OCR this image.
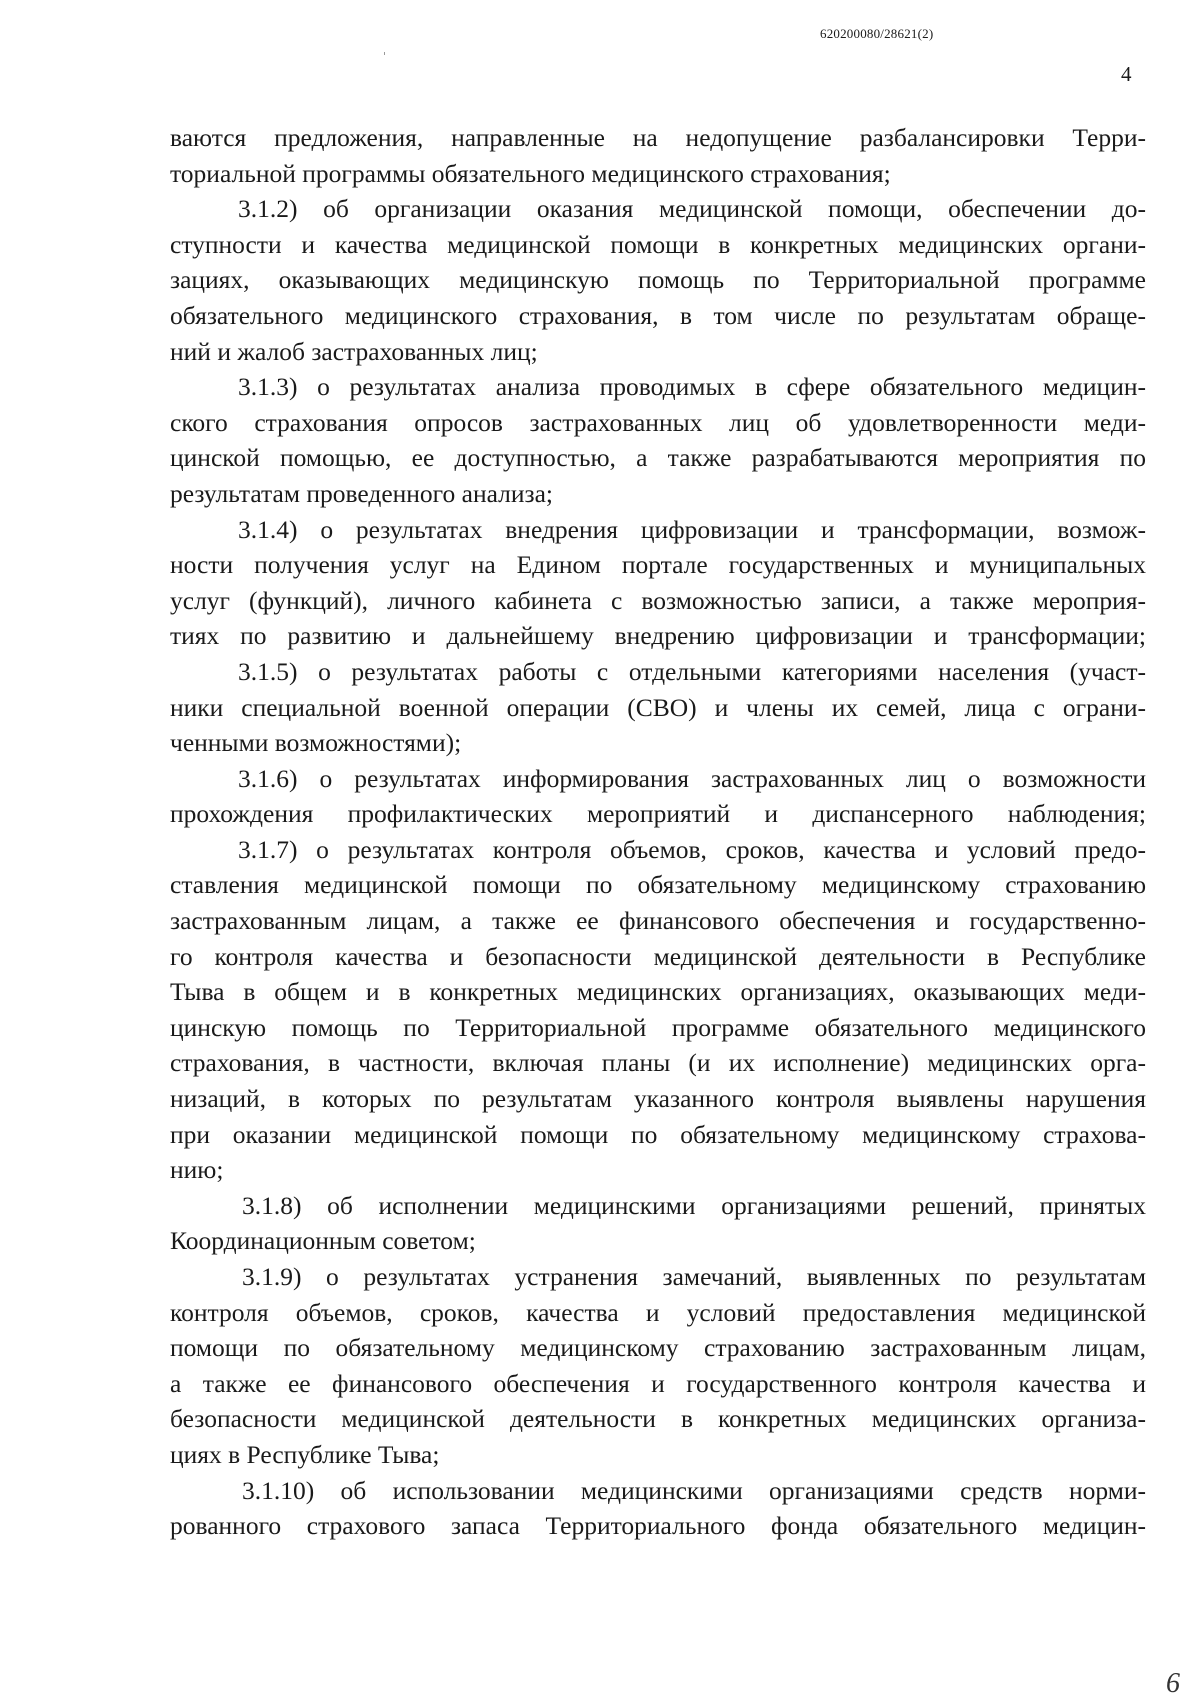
620200080/28621(2)
4
ваются предложения, направленные на недопущение разбалансировки Терри-
ториальной программы обязательного медицинского страхования;
3.1.2) об организации оказания медицинской помощи, обеспечении до-
ступности и качества медицинской помощи в конкретных медицинских органи-
зациях, оказывающих медицинскую помощь по Территориальной программе
обязательного медицинского страхования, в том числе по результатам обраще-
ний и жалоб застрахованных лиц;
3.1.3) о результатах анализа проводимых в сфере обязательного медицин-
ского страхования опросов застрахованных лиц об удовлетворенности меди-
цинской помощью, ее доступностью, а также разрабатываются мероприятия по
результатам проведенного анализа;
3.1.4) о результатах внедрения цифровизации и трансформации, возмож-
ности получения услуг на Едином портале государственных и муниципальных
услуг (функций), личного кабинета с возможностью записи, а также мероприя-
тиях по развитию и дальнейшему внедрению цифровизации и трансформации;
3.1.5) о результатах работы с отдельными категориями населения (участ-
ники специальной военной операции (СВО) и члены их семей, лица с ограни-
ченными возможностями);
3.1.6) о результатах информирования застрахованных лиц о возможности
прохождения профилактических мероприятий и диспансерного наблюдения;
3.1.7) о результатах контроля объемов, сроков, качества и условий предо-
ставления медицинской помощи по обязательному медицинскому страхованию
застрахованным лицам, а также ее финансового обеспечения и государственно-
го контроля качества и безопасности медицинской деятельности в Республике
Тыва в общем и в конкретных медицинских организациях, оказывающих меди-
цинскую помощь по Территориальной программе обязательного медицинского
страхования, в частности, включая планы (и их исполнение) медицинских орга-
низаций, в которых по результатам указанного контроля выявлены нарушения
при оказании медицинской помощи по обязательному медицинскому страхова-
нию;
3.1.8) об исполнении медицинскими организациями решений, принятых
Координационным советом;
3.1.9) о результатах устранения замечаний, выявленных по результатам
контроля объемов, сроков, качества и условий предоставления медицинской
помощи по обязательному медицинскому страхованию застрахованным лицам,
а также ее финансового обеспечения и государственного контроля качества и
безопасности медицинской деятельности в конкретных медицинских организа-
циях в Республике Тыва;
3.1.10) об использовании медицинскими организациями средств норми-
рованного страхового запаса Территориального фонда обязательного медицин-
6
